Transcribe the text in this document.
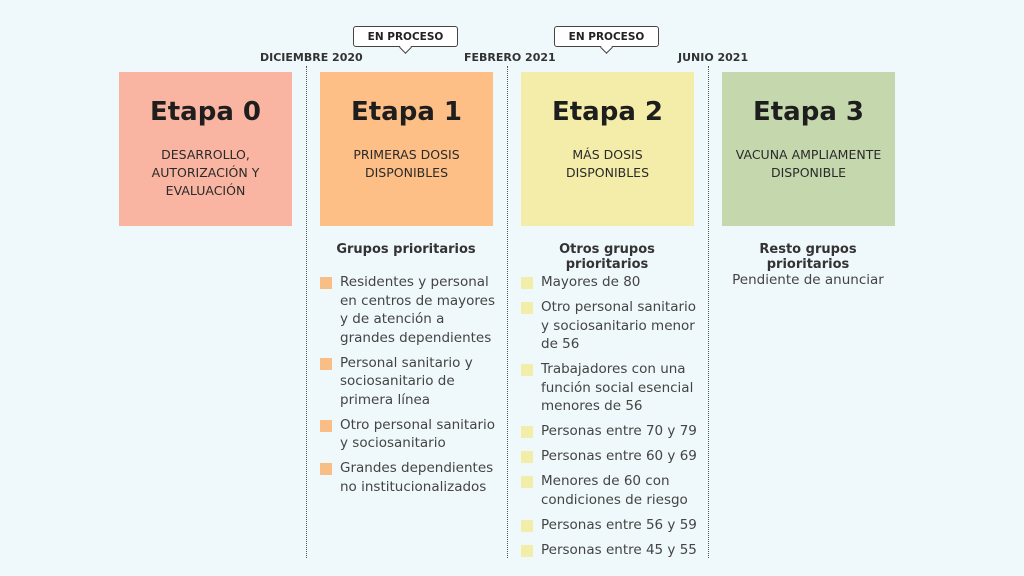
DICIEMBRE 2020	FEBRERO 2021	JUNIO 2021
EN PROCESO	EN PROCESO
Etapa 0
DESARROLLO, AUTORIZACIÓN Y EVALUACIÓN
Etapa 1
PRIMERAS DOSIS DISPONIBLES
Etapa 2
MÁS DOSIS DISPONIBLES
Etapa 3
VACUNA AMPLIAMENTE DISPONIBLE
Grupos prioritarios
Residentes y personal en centros de mayores y de atención a grandes dependientes
Personal sanitario y sociosanitario de primera línea
Otro personal sanitario y sociosanitario
Grandes dependientes no institucionalizados
Otros grupos prioritarios
Mayores de 80
Otro personal sanitario y sociosanitario menor de 56
Trabajadores con una función social esencial menores de 56
Personas entre 70 y 79
Personas entre 60 y 69
Menores de 60 con condiciones de riesgo
Personas entre 56 y 59
Personas entre 45 y 55
Resto grupos prioritarios
Pendiente de anunciar
